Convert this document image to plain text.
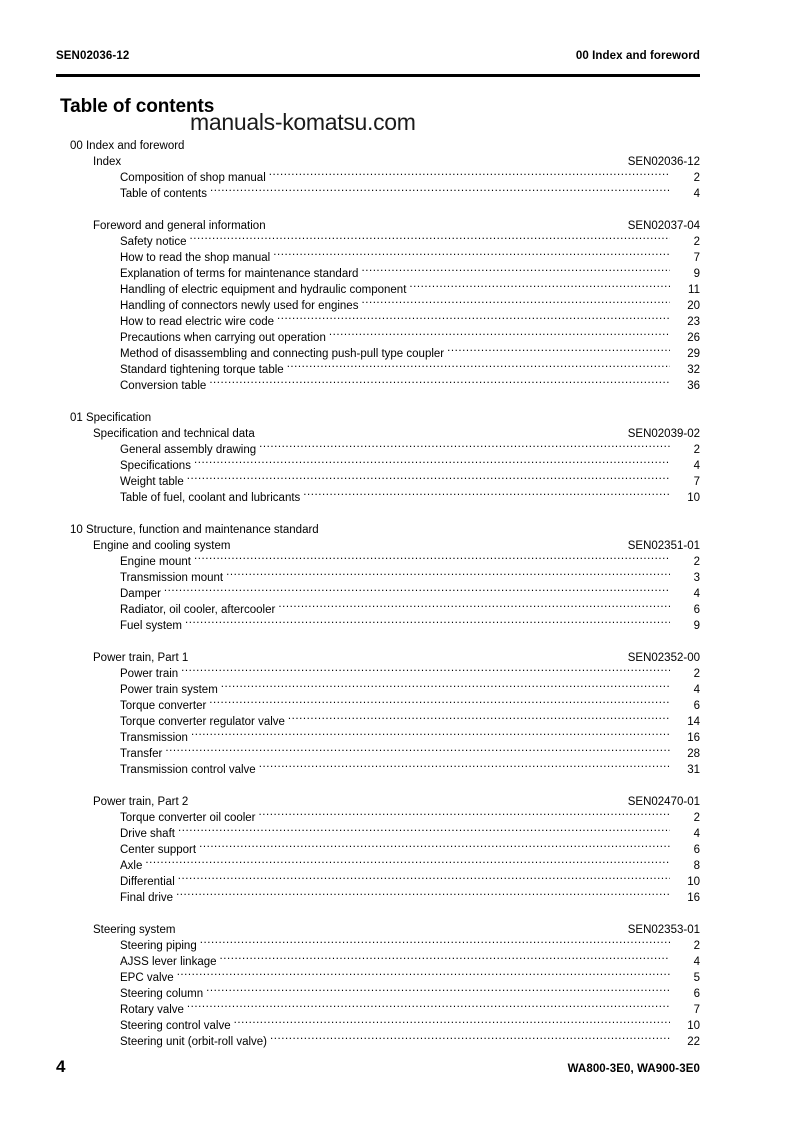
SEN02036-12	00 Index and foreword
Table of contents
manuals-komatsu.com
00 Index and foreword
Index	SEN02036-12
Composition of shop manual .....	2
Table of contents .....	4
Foreword and general information	SEN02037-04
Safety notice .....	2
How to read the shop manual .....	7
Explanation of terms for maintenance standard .....	9
Handling of electric equipment and hydraulic component .....	11
Handling of connectors newly used for engines .....	20
How to read electric wire code .....	23
Precautions when carrying out operation .....	26
Method of disassembling and connecting push-pull type coupler .....	29
Standard tightening torque table .....	32
Conversion table .....	36
01 Specification
Specification and technical data	SEN02039-02
General assembly drawing .....	2
Specifications .....	4
Weight table .....	7
Table of fuel, coolant and lubricants .....	10
10 Structure, function and maintenance standard
Engine and cooling system	SEN02351-01
Engine mount .....	2
Transmission mount .....	3
Damper .....	4
Radiator, oil cooler, aftercooler .....	6
Fuel system .....	9
Power train, Part 1	SEN02352-00
Power train .....	2
Power train system .....	4
Torque converter .....	6
Torque converter regulator valve .....	14
Transmission .....	16
Transfer .....	28
Transmission control valve .....	31
Power train, Part 2	SEN02470-01
Torque converter oil cooler .....	2
Drive shaft .....	4
Center support .....	6
Axle .....	8
Differential .....	10
Final drive .....	16
Steering system	SEN02353-01
Steering piping .....	2
AJSS lever linkage .....	4
EPC valve .....	5
Steering column .....	6
Rotary valve .....	7
Steering control valve .....	10
Steering unit (orbit-roll valve) .....	22
4	WA800-3E0, WA900-3E0
